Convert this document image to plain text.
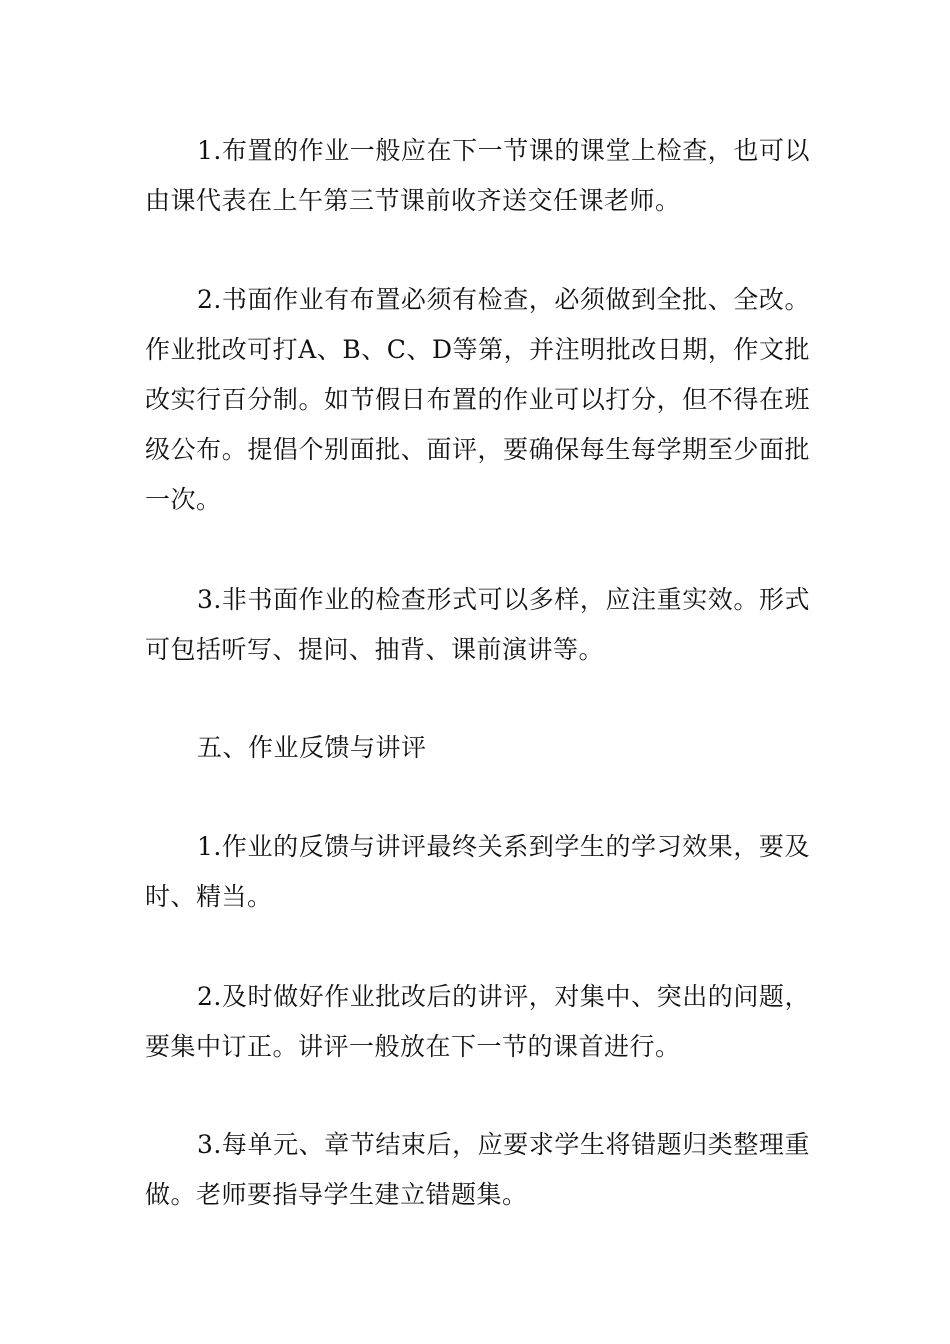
1.布置的作业一般应在下一节课的课堂上检查，也可以由课代表在上午第三节课前收齐送交任课老师。

2.书面作业有布置必须有检查，必须做到全批、全改。作业批改可打A、B、C、D等第，并注明批改日期，作文批改实行百分制。如节假日布置的作业可以打分，但不得在班级公布。提倡个别面批、面评，要确保每生每学期至少面批一次。

3.非书面作业的检查形式可以多样，应注重实效。形式可包括听写、提问、抽背、课前演讲等。

五、作业反馈与讲评

1.作业的反馈与讲评最终关系到学生的学习效果，要及时、精当。

2.及时做好作业批改后的讲评，对集中、突出的问题，要集中订正。讲评一般放在下一节的课首进行。

3.每单元、章节结束后，应要求学生将错题归类整理重做。老师要指导学生建立错题集。
